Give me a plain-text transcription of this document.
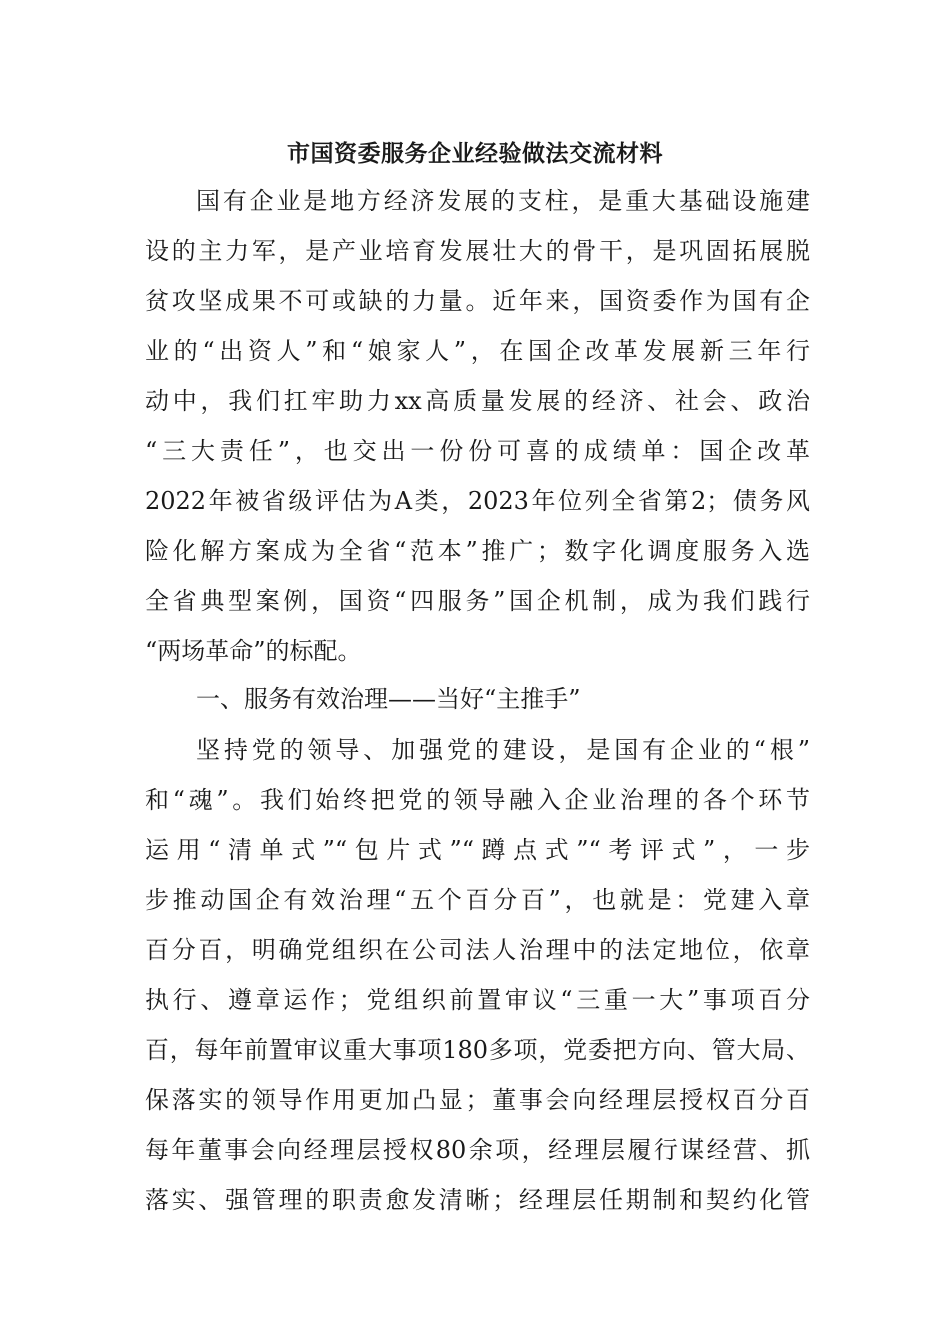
市国资委服务企业经验做法交流材料
国有企业是地方经济发展的支柱，是重大基础设施建
设的主力军，是产业培育发展壮大的骨干，是巩固拓展脱
贫攻坚成果不可或缺的力量。近年来，国资委作为国有企
业的“出资人”和“娘家人”，在国企改革发展新三年行
动中，我们扛牢助力xx高质量发展的经济、社会、政治
“三大责任”，也交出一份份可喜的成绩单：国企改革
2022年被省级评估为A类，2023年位列全省第2；债务风
险化解方案成为全省“范本”推广；数字化调度服务入选
全省典型案例，国资“四服务”国企机制，成为我们践行
“两场革命”的标配。
一、服务有效治理——当好“主推手”
坚持党的领导、加强党的建设，是国有企业的“根”
和“魂”。我们始终把党的领导融入企业治理的各个环节
运用“清单式”“包片式”“蹲点式”“考评式”，一步
步推动国企有效治理“五个百分百”，也就是：党建入章
百分百，明确党组织在公司法人治理中的法定地位，依章
执行、遵章运作；党组织前置审议“三重一大”事项百分
百，每年前置审议重大事项180多项，党委把方向、管大局、
保落实的领导作用更加凸显；董事会向经理层授权百分百
每年董事会向经理层授权80余项，经理层履行谋经营、抓
落实、强管理的职责愈发清晰；经理层任期制和契约化管
